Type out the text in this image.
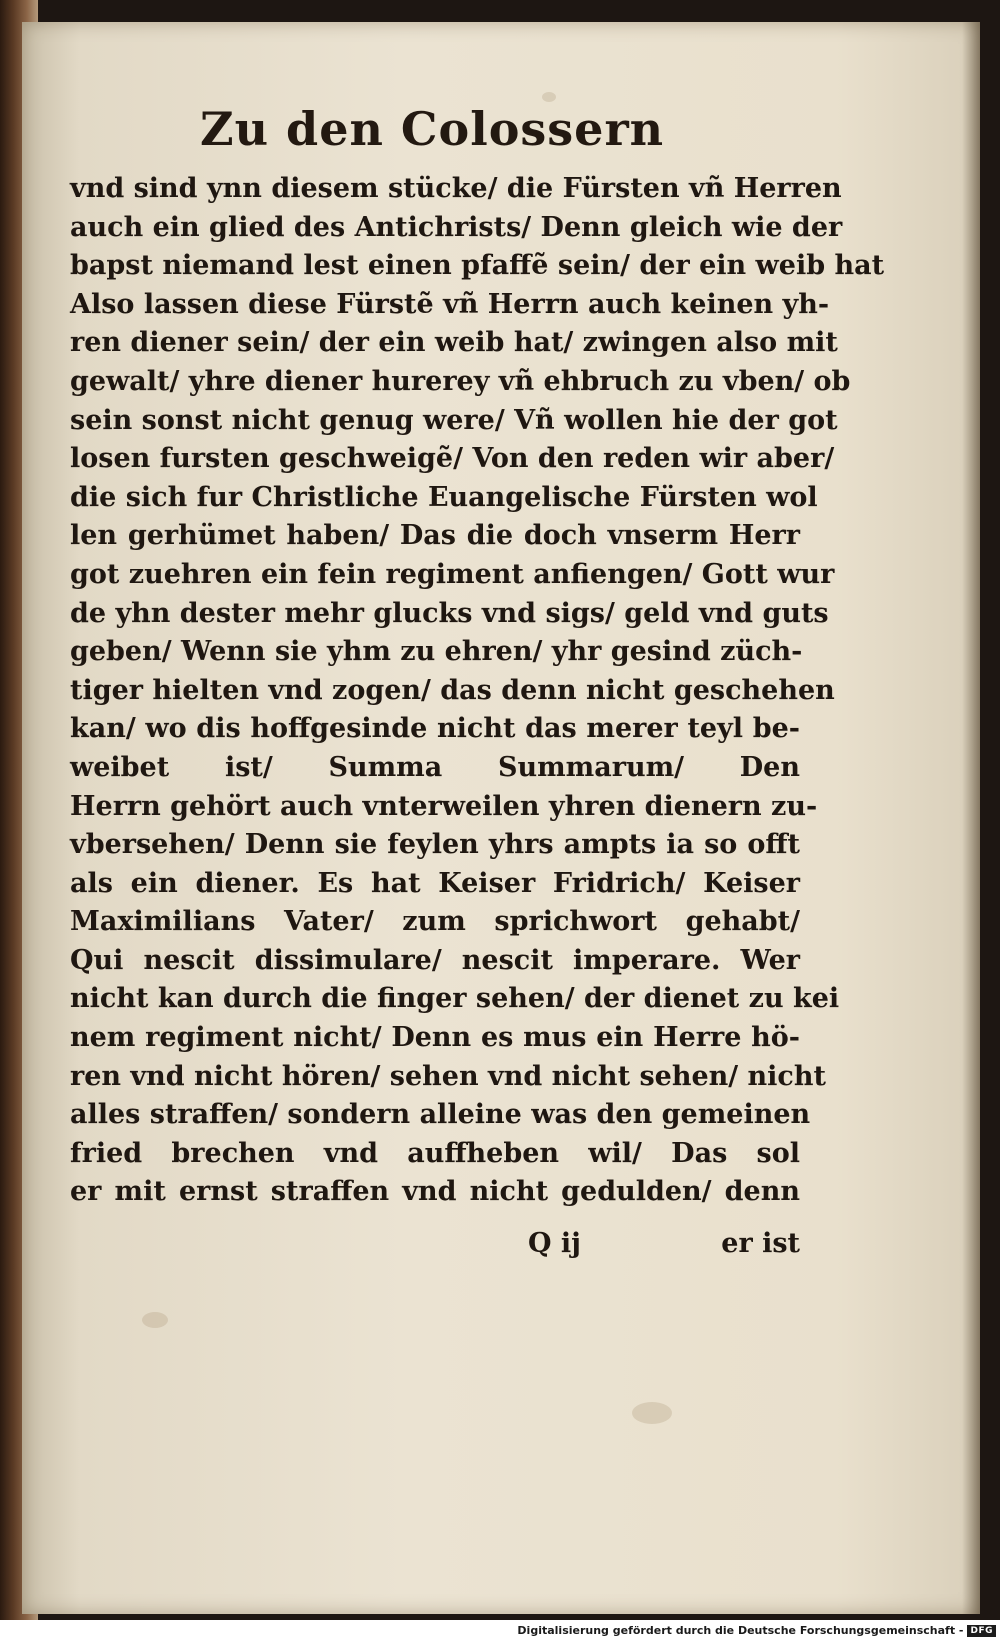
Zu den Colossern
vnd sind ynn diesem stücke/ die Fürsten vñ Herren
auch ein glied des Antichrists/ Denn gleich wie der
bapst niemand lest einen pfaffẽ sein/ der ein weib hat
Also lassen diese Fürstẽ vñ Herrn auch keinen yh-
ren diener sein/ der ein weib hat/ zwingen also mit
gewalt/ yhre diener hurerey vñ ehbruch zu vben/ ob
sein sonst nicht genug were/ Vñ wollen hie der got
losen fursten geschweigẽ/ Von den reden wir aber/
die sich fur Christliche Euangelische Fürsten wol
len gerhümet haben/ Das die doch vnserm Herr
got zuehren ein fein regiment anfiengen/ Gott wur
de yhn dester mehr glucks vnd sigs/ geld vnd guts
geben/ Wenn sie yhm zu ehren/ yhr gesind züch-
tiger hielten vnd zogen/ das denn nicht geschehen
kan/ wo dis hoffgesinde nicht das merer teyl be-
weibet ist/ Summa Summarum/ Den
Herrn gehört auch vnterweilen yhren dienern zu-
vbersehen/ Denn sie feylen yhrs ampts ia so offt
als ein diener. Es hat Keiser Fridrich/ Keiser
Maximilians Vater/ zum sprichwort gehabt/
Qui nescit dissimulare/ nescit imperare. Wer
nicht kan durch die finger sehen/ der dienet zu kei
nem regiment nicht/ Denn es mus ein Herre hö-
ren vnd nicht hören/ sehen vnd nicht sehen/ nicht
alles straffen/ sondern alleine was den gemeinen
fried brechen vnd auffheben wil/ Das sol
er mit ernst straffen vnd nicht gedulden/ denn
Q ij	er ist
Digitalisierung gefördert durch die Deutsche Forschungsgemeinschaft - DFG
